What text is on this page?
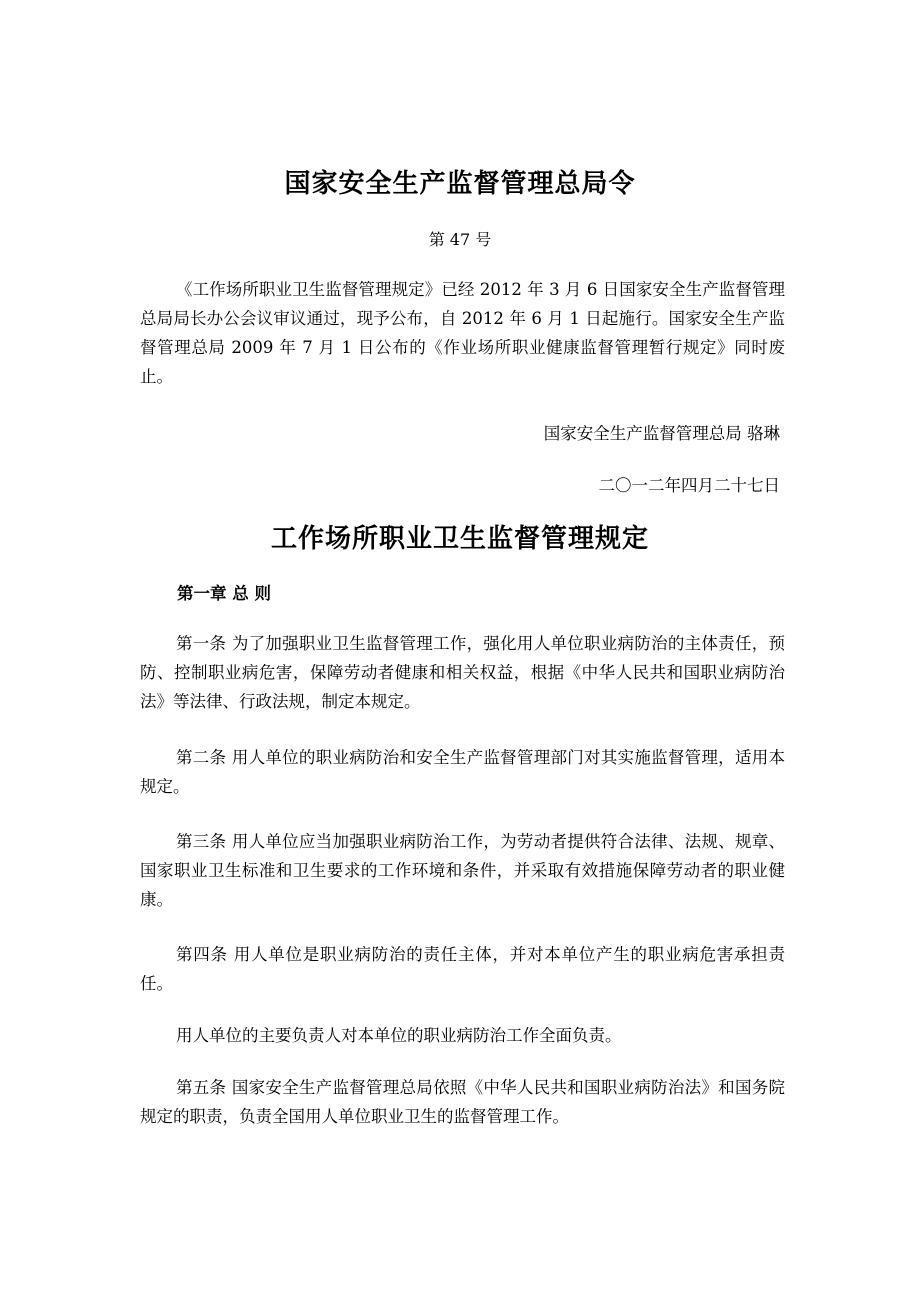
国家安全生产监督管理总局令
第 47 号
《工作场所职业卫生监督管理规定》已经 2012 年 3 月 6 日国家安全生产监督管理总局局长办公会议审议通过，现予公布，自 2012 年 6 月 1 日起施行。国家安全生产监督管理总局 2009 年 7 月 1 日公布的《作业场所职业健康监督管理暂行规定》同时废止。
国家安全生产监督管理总局 骆琳
二〇一二年四月二十七日
工作场所职业卫生监督管理规定
第一章 总 则
第一条 为了加强职业卫生监督管理工作，强化用人单位职业病防治的主体责任，预防、控制职业病危害，保障劳动者健康和相关权益，根据《中华人民共和国职业病防治法》等法律、行政法规，制定本规定。
第二条 用人单位的职业病防治和安全生产监督管理部门对其实施监督管理，适用本规定。
第三条 用人单位应当加强职业病防治工作，为劳动者提供符合法律、法规、规章、国家职业卫生标准和卫生要求的工作环境和条件，并采取有效措施保障劳动者的职业健康。
第四条 用人单位是职业病防治的责任主体，并对本单位产生的职业病危害承担责任。
用人单位的主要负责人对本单位的职业病防治工作全面负责。
第五条 国家安全生产监督管理总局依照《中华人民共和国职业病防治法》和国务院规定的职责，负责全国用人单位职业卫生的监督管理工作。
